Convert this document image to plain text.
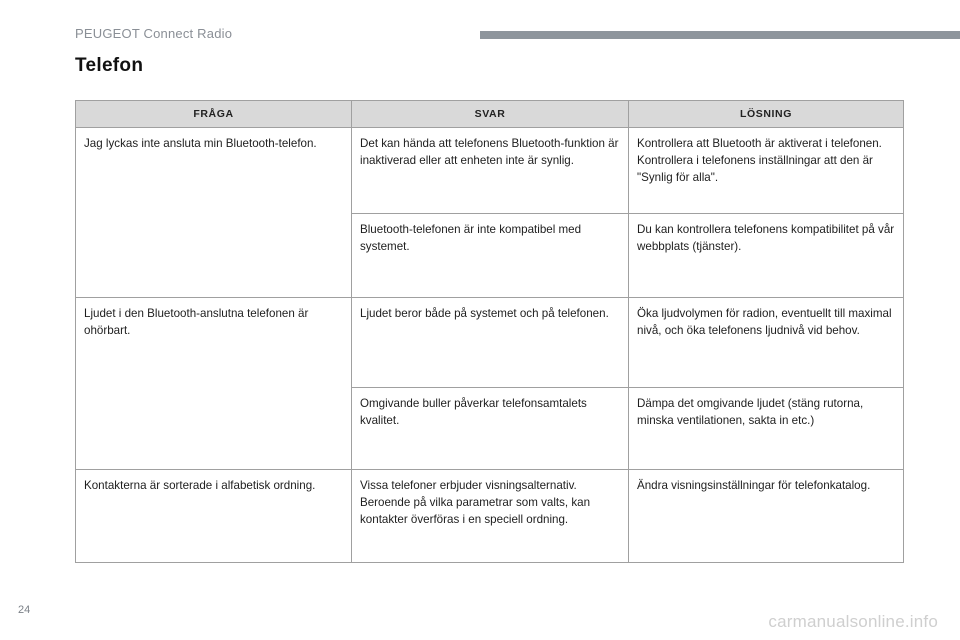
PEUGEOT Connect Radio
Telefon
FRÅGA	SVAR	LÖSNING
Jag lyckas inte ansluta min Bluetooth-telefon.	Det kan hända att telefonens Bluetooth-funktion är inaktiverad eller att enheten inte är synlig.	Kontrollera att Bluetooth är aktiverat i telefonen. Kontrollera i telefonens inställningar att den är "Synlig för alla".
	Bluetooth-telefonen är inte kompatibel med systemet.	Du kan kontrollera telefonens kompatibilitet på vår webbplats (tjänster).
Ljudet i den Bluetooth-anslutna telefonen är ohörbart.	Ljudet beror både på systemet och på telefonen.	Öka ljudvolymen för radion, eventuellt till maximal nivå, och öka telefonens ljudnivå vid behov.
	Omgivande buller påverkar telefonsamtalets kvalitet.	Dämpa det omgivande ljudet (stäng rutorna, minska ventilationen, sakta in etc.)
Kontakterna är sorterade i alfabetisk ordning.	Vissa telefoner erbjuder visningsalternativ. Beroende på vilka parametrar som valts, kan kontakter överföras i en speciell ordning.	Ändra visningsinställningar för telefonkatalog.
24
carmanualsonline.info
